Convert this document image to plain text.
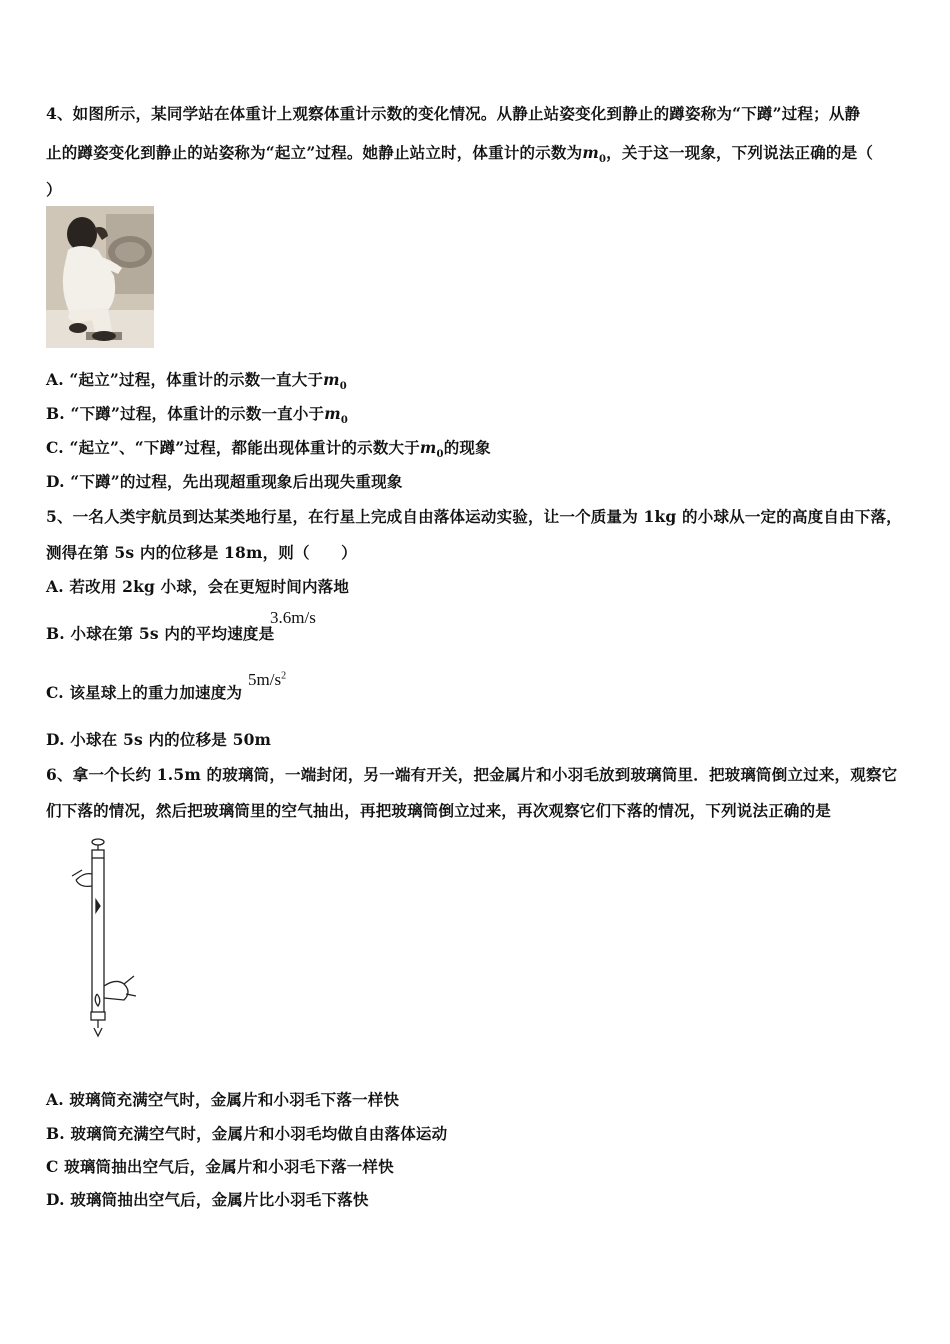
4、如图所示，某同学站在体重计上观察体重计示数的变化情况。从静止站姿变化到静止的蹲姿称为“下蹲”过程；从静
止的蹲姿变化到静止的站姿称为“起立”过程。她静止站立时，体重计的示数为$m_0$，关于这一现象，下列说法正确的是（
）
A. “起立”过程，体重计的示数一直大于$m_0$
B. “下蹲”过程，体重计的示数一直小于$m_0$
C. “起立”、“下蹲”过程，都能出现体重计的示数大于$m_0$的现象
D. “下蹲”的过程，先出现超重现象后出现失重现象
5、一名人类宇航员到达某类地行星，在行星上完成自由落体运动实验，让一个质量为 1kg 的小球从一定的高度自由下落，
测得在第 5s 内的位移是 18m，则（　　）
A. 若改用 2kg 小球，会在更短时间内落地
B. 小球在第 5s 内的平均速度是
3.6m/s
C. 该星球上的重力加速度为
$5m/s^2$
D. 小球在 5s 内的位移是 50m
6、拿一个长约 1.5m 的玻璃筒，一端封闭，另一端有开关，把金属片和小羽毛放到玻璃筒里．把玻璃筒倒立过来，观察它
们下落的情况，然后把玻璃筒里的空气抽出，再把玻璃筒倒立过来，再次观察它们下落的情况，下列说法正确的是
A. 玻璃筒充满空气时，金属片和小羽毛下落一样快
B. 玻璃筒充满空气时，金属片和小羽毛均做自由落体运动
C 玻璃筒抽出空气后，金属片和小羽毛下落一样快
D. 玻璃筒抽出空气后，金属片比小羽毛下落快
